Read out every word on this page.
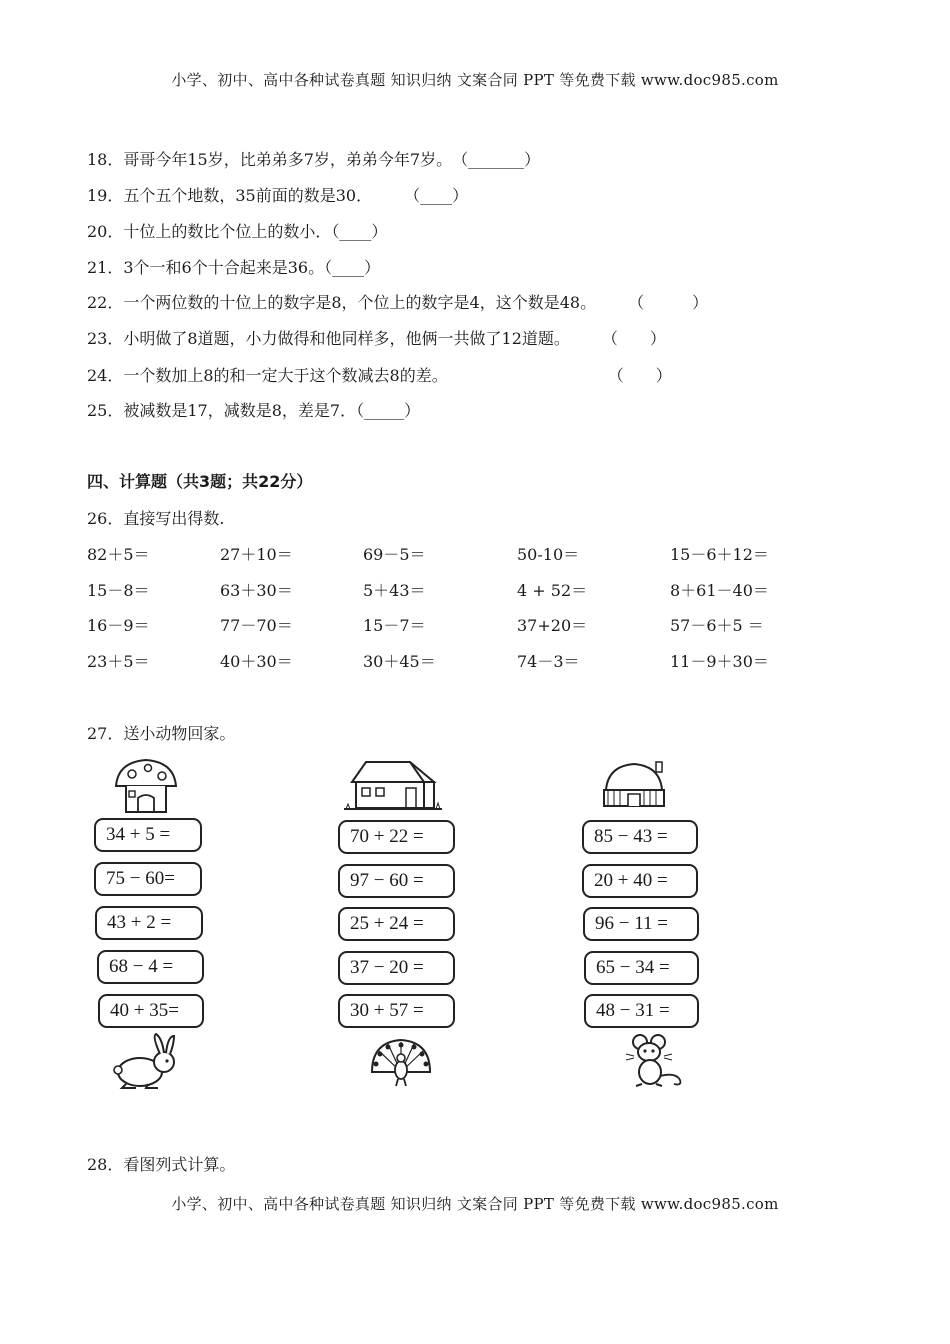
小学、初中、高中各种试卷真题 知识归纳 文案合同 PPT 等免费下载 www.doc985.com
18．哥哥今年15岁，比弟弟多7岁，弟弟今年7岁。　（_______）
19．五个五个地数，35前面的数是30．　　　（____）
20．十位上的数比个位上的数小．（____）
21．3个一和6个十合起来是36。（____）
22．一个两位数的十位上的数字是8，个位上的数字是4，这个数是48。　　　（　　　）
23．小明做了8道题，小力做得和他同样多，他俩一共做了12道题。　　　（　　）
24．一个数加上8的和一定大于这个数减去8的差。　　　　　　　　　　　（　　）
25．被减数是17，减数是8，差是7．（_____）
四、计算题（共3题；共22分）
26．直接写出得数.
82＋5＝	27＋10＝	69－5＝	50-10＝	15－6＋12＝
15－8＝	63＋30＝	5＋43＝	4 + 52＝	8＋61－40＝
16－9＝	77－70＝	15－7＝	37+20＝	57－6＋5 ＝
23＋5＝	40＋30＝	30＋45＝	74－3＝	11－9＋30＝
27．送小动物回家。
34 + 5 =
75 − 60=
43 + 2 =
68 − 4 =
40 + 35=
70 + 22 =
97 − 60 =
25 + 24 =
37 − 20 =
30 + 57 =
85 − 43 =
20 + 40 =
96 − 11 =
65 − 34 =
48 − 31 =
28．看图列式计算。
小学、初中、高中各种试卷真题 知识归纳 文案合同 PPT 等免费下载 www.doc985.com
